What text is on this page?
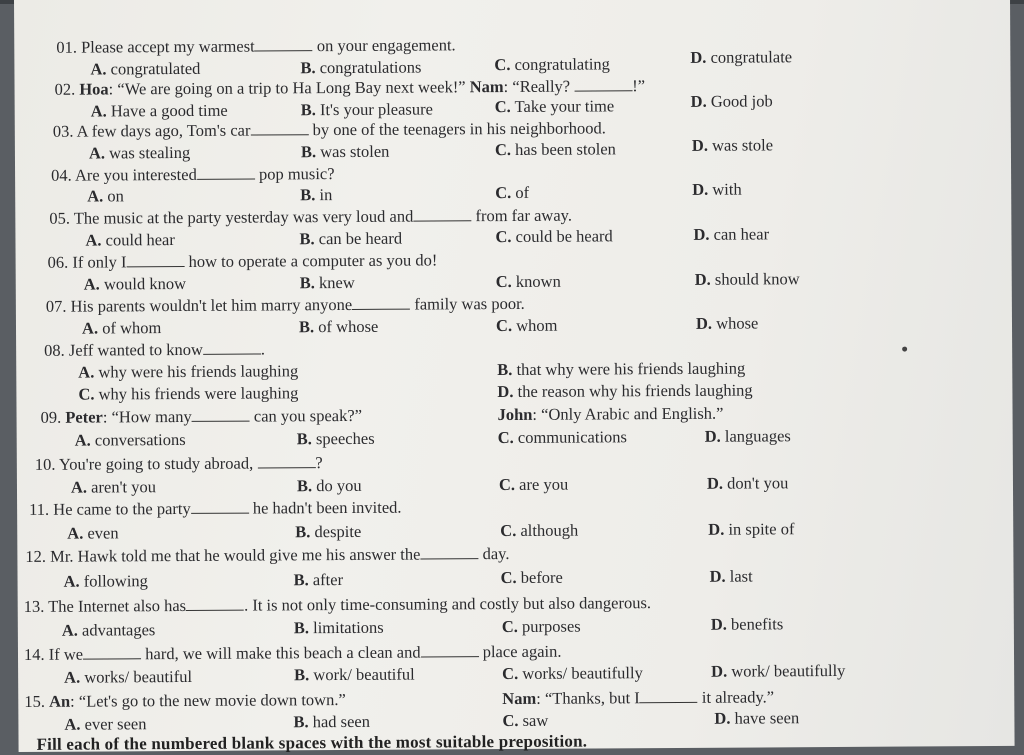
01. Please accept my warmest	on your engagement.
A. congratulated	B. congratulations	C. congratulating	D. congratulate
02. Hoa: “We are going on a trip to Ha Long Bay next week!” Nam: “Really?	!”
A. Have a good time	B. It's your pleasure	C. Take your time	D. Good job
03. A few days ago, Tom's car	by one of the teenagers in his neighborhood.
A. was stealing	B. was stolen	C. has been stolen	D. was stole
04. Are you interested	pop music?
A. on	B. in	C. of	D. with
05. The music at the party yesterday was very loud and	from far away.
A. could hear	B. can be heard	C. could be heard	D. can hear
06. If only I	how to operate a computer as you do!
A. would know	B. knew	C. known	D. should know
07. His parents wouldn't let him marry anyone	family was poor.
A. of whom	B. of whose	C. whom	D. whose
08. Jeff wanted to know	.
A. why were his friends laughing	B. that why were his friends laughing
C. why his friends were laughing	D. the reason why his friends laughing
09. Peter: “How many	can you speak?”	John: “Only Arabic and English.”
A. conversations	B. speeches	C. communications	D. languages
10. You're going to study abroad,	?
A. aren't you	B. do you	C. are you	D. don't you
11. He came to the party	he hadn't been invited.
A. even	B. despite	C. although	D. in spite of
12. Mr. Hawk told me that he would give me his answer the	day.
A. following	B. after	C. before	D. last
13. The Internet also has	. It is not only time-consuming and costly but also dangerous.
A. advantages	B. limitations	C. purposes	D. benefits
14. If we	hard, we will make this beach a clean and	place again.
A. works/ beautiful	B. work/ beautiful	C. works/ beautifully	D. work/ beautifully
15. An: “Let's go to the new movie down town.”	Nam: “Thanks, but I	it already.”
A. ever seen	B. had seen	C. saw	D. have seen
Fill each of the numbered blank spaces with the most suitable preposition.
